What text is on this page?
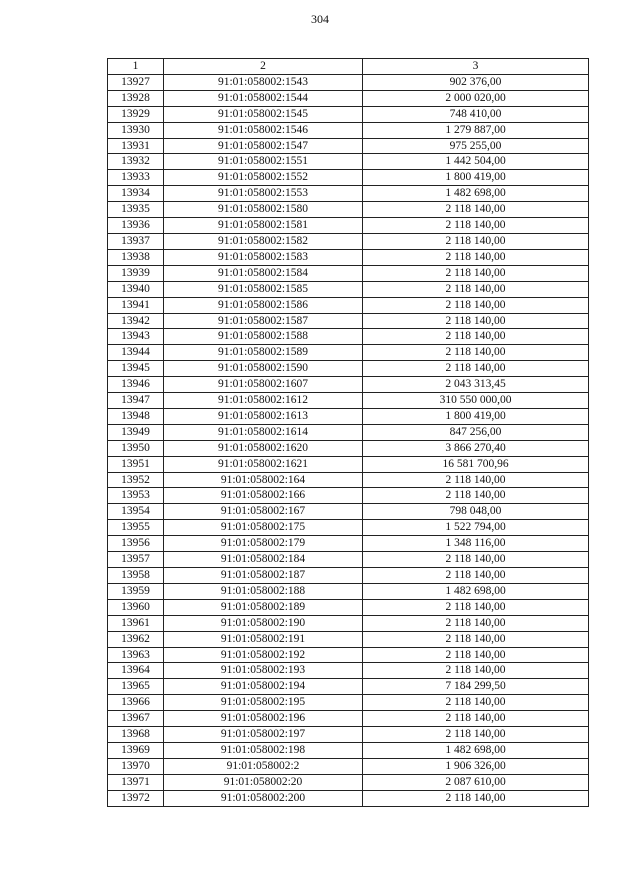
304
1	2	3
13927	91:01:058002:1543	902 376,00
13928	91:01:058002:1544	2 000 020,00
13929	91:01:058002:1545	748 410,00
13930	91:01:058002:1546	1 279 887,00
13931	91:01:058002:1547	975 255,00
13932	91:01:058002:1551	1 442 504,00
13933	91:01:058002:1552	1 800 419,00
13934	91:01:058002:1553	1 482 698,00
13935	91:01:058002:1580	2 118 140,00
13936	91:01:058002:1581	2 118 140,00
13937	91:01:058002:1582	2 118 140,00
13938	91:01:058002:1583	2 118 140,00
13939	91:01:058002:1584	2 118 140,00
13940	91:01:058002:1585	2 118 140,00
13941	91:01:058002:1586	2 118 140,00
13942	91:01:058002:1587	2 118 140,00
13943	91:01:058002:1588	2 118 140,00
13944	91:01:058002:1589	2 118 140,00
13945	91:01:058002:1590	2 118 140,00
13946	91:01:058002:1607	2 043 313,45
13947	91:01:058002:1612	310 550 000,00
13948	91:01:058002:1613	1 800 419,00
13949	91:01:058002:1614	847 256,00
13950	91:01:058002:1620	3 866 270,40
13951	91:01:058002:1621	16 581 700,96
13952	91:01:058002:164	2 118 140,00
13953	91:01:058002:166	2 118 140,00
13954	91:01:058002:167	798 048,00
13955	91:01:058002:175	1 522 794,00
13956	91:01:058002:179	1 348 116,00
13957	91:01:058002:184	2 118 140,00
13958	91:01:058002:187	2 118 140,00
13959	91:01:058002:188	1 482 698,00
13960	91:01:058002:189	2 118 140,00
13961	91:01:058002:190	2 118 140,00
13962	91:01:058002:191	2 118 140,00
13963	91:01:058002:192	2 118 140,00
13964	91:01:058002:193	2 118 140,00
13965	91:01:058002:194	7 184 299,50
13966	91:01:058002:195	2 118 140,00
13967	91:01:058002:196	2 118 140,00
13968	91:01:058002:197	2 118 140,00
13969	91:01:058002:198	1 482 698,00
13970	91:01:058002:2	1 906 326,00
13971	91:01:058002:20	2 087 610,00
13972	91:01:058002:200	2 118 140,00
